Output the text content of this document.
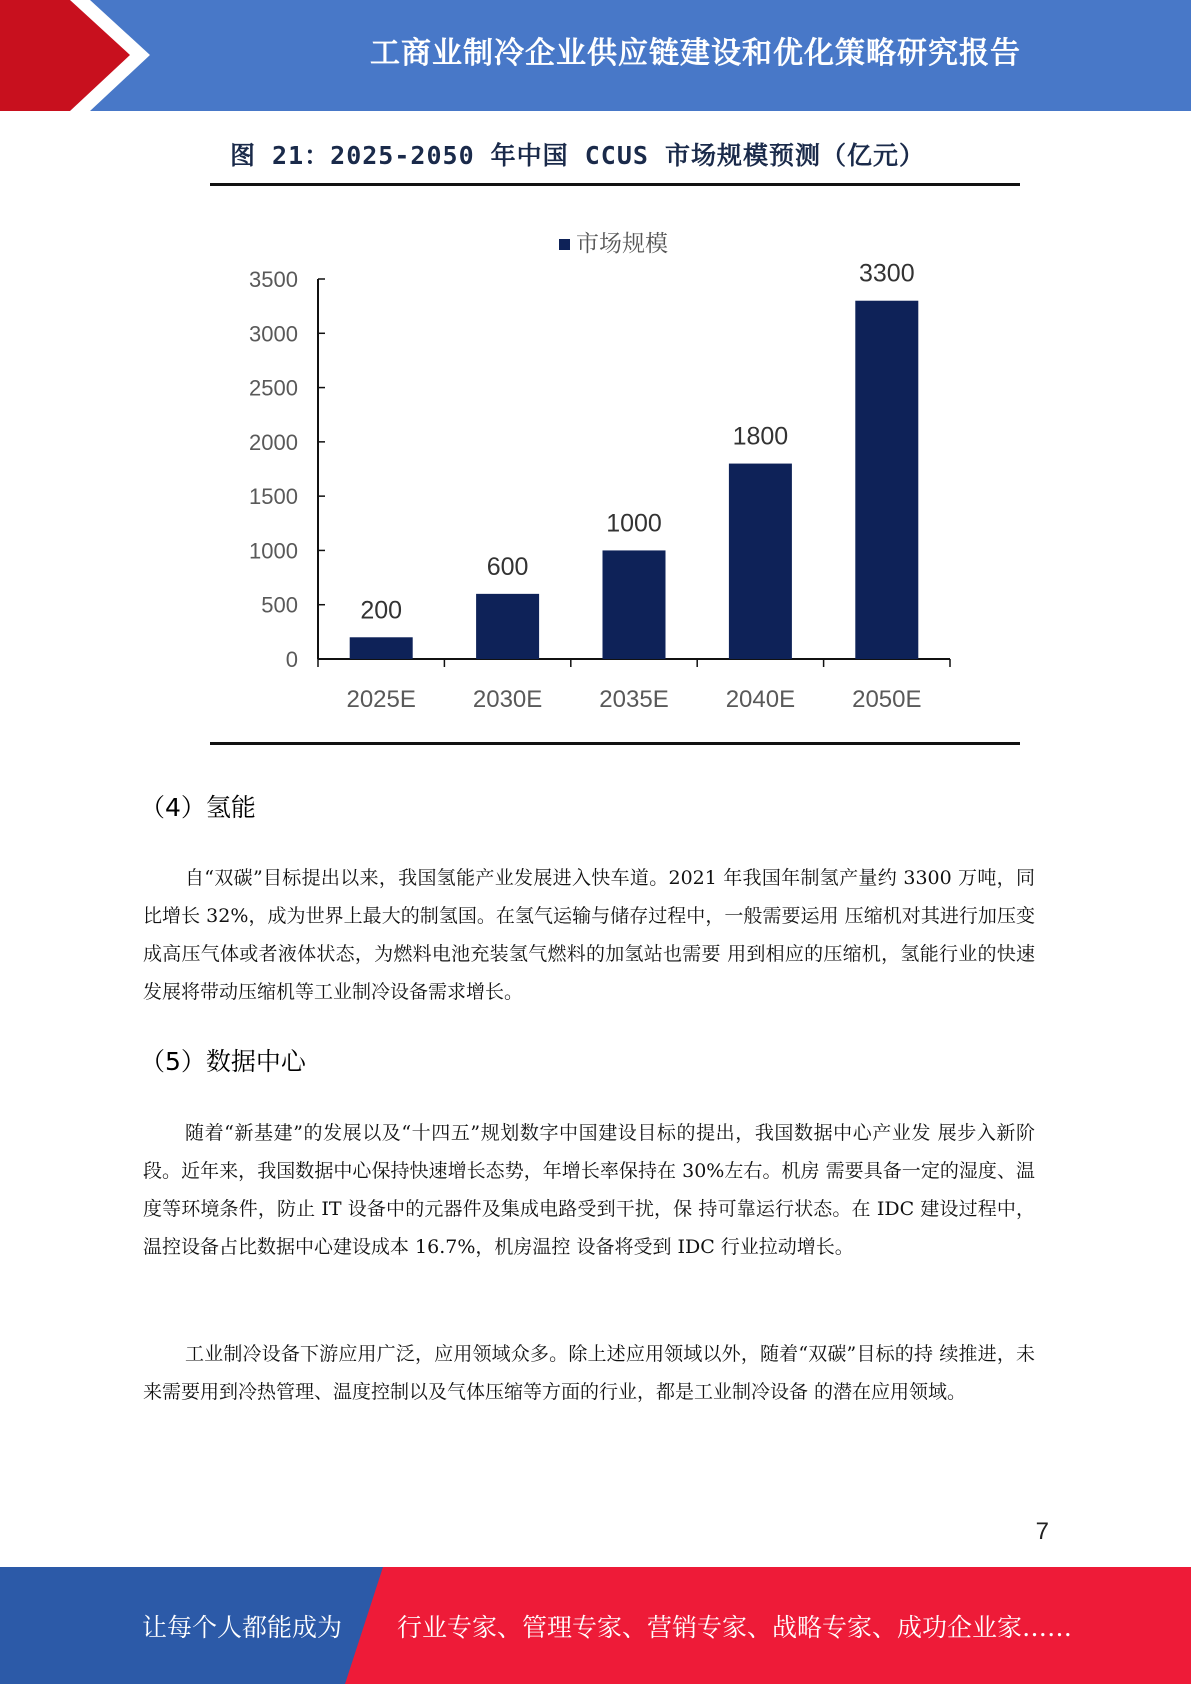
工商业制冷企业供应链建设和优化策略研究报告
图 21：2025-2050 年中国 CCUS 市场规模预测（亿元）
市场规模
0
500
1000
1500
2000
2500
3000
3500
200
2025E
600
2030E
1000
2035E
1800
2040E
3300
2050E
（4）氢能

自“双碳”目标提出以来，我国氢能产业发展进入快车道。2021 年我国年制氢产量约 3300 万吨，同比增长 32%，成为世界上最大的制氢国。在氢气运输与储存过程中，一般需要运用 压缩机对其进行加压变成高压气体或者液体状态，为燃料电池充装氢气燃料的加氢站也需要 用到相应的压缩机，氢能行业的快速发展将带动压缩机等工业制冷设备需求增长。

（5）数据中心

随着“新基建”的发展以及“十四五”规划数字中国建设目标的提出，我国数据中心产业发 展步入新阶段。近年来，我国数据中心保持快速增长态势，年增长率保持在 30%左右。机房 需要具备一定的湿度、温度等环境条件，防止 IT 设备中的元器件及集成电路受到干扰，保 持可靠运行状态。在 IDC 建设过程中，温控设备占比数据中心建设成本 16.7%，机房温控 设备将受到 IDC 行业拉动增长。

工业制冷设备下游应用广泛，应用领域众多。除上述应用领域以外，随着“双碳”目标的持 续推进，未来需要用到冷热管理、温度控制以及气体压缩等方面的行业，都是工业制冷设备 的潜在应用领域。

7
让每个人都能成为 行业专家、管理专家、营销专家、战略专家、成功企业家……
